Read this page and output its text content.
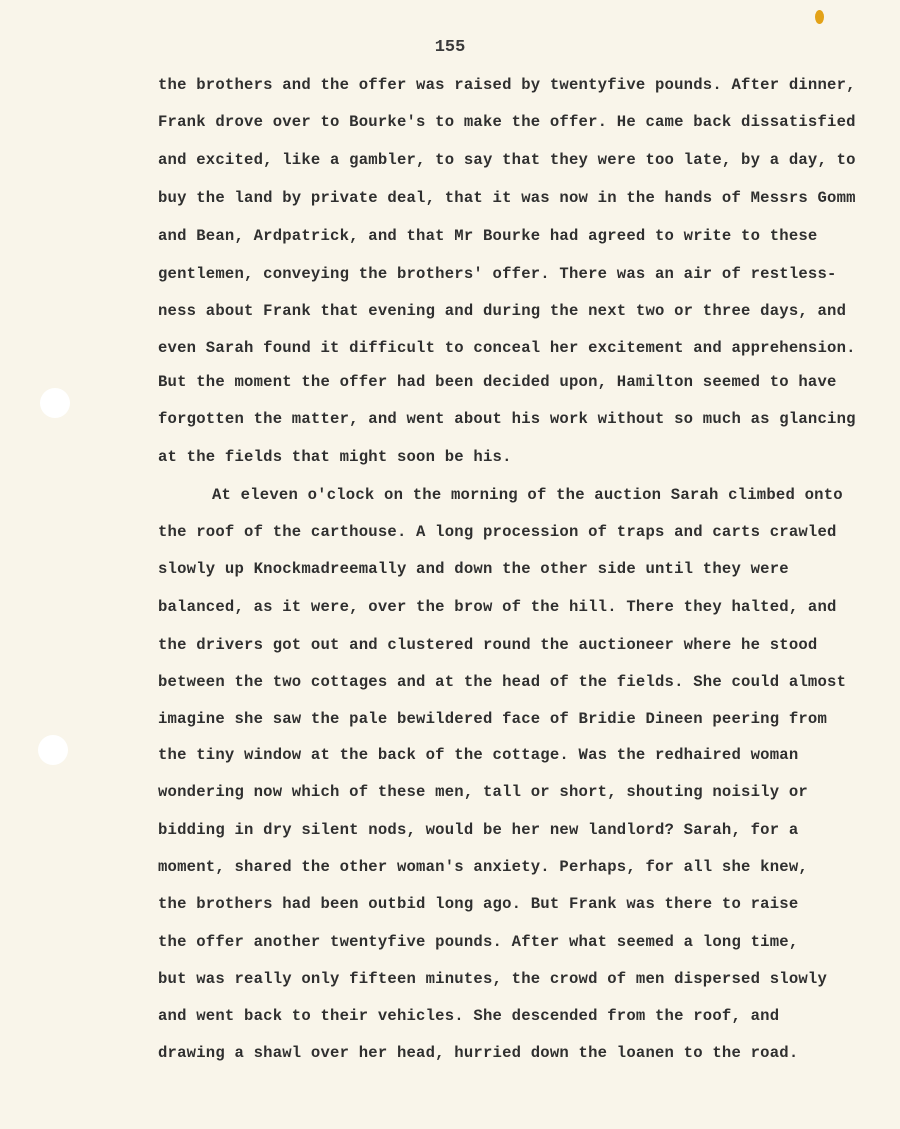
155
the brothers and the offer was raised by twentyfive pounds. After dinner,
Frank drove over to Bourke's to make the offer. He came back dissatisfied
and excited, like a gambler, to say that they were too late, by a day, to
buy the land by private deal, that it was now in the hands of Messrs Gomm
and Bean, Ardpatrick, and that Mr Bourke had agreed to write to these
gentlemen, conveying the brothers' offer. There was an air of restless-
ness about Frank that evening and during the next two or three days, and
even Sarah found it difficult to conceal her excitement and apprehension.
But the moment the offer had been decided upon, Hamilton seemed to have
forgotten the matter, and went about his work without so much as glancing
at the fields that might soon be his.
At eleven o'clock on the morning of the auction Sarah climbed onto
the roof of the carthouse. A long procession of traps and carts crawled
slowly up Knockmadreemally and down the other side until they were
balanced, as it were, over the brow of the hill. There they halted, and
the drivers got out and clustered round the auctioneer where he stood
between the two cottages and at the head of the fields. She could almost
imagine she saw the pale bewildered face of Bridie Dineen peering from
the tiny window at the back of the cottage. Was the redhaired woman
wondering now which of these men, tall or short, shouting noisily or
bidding in dry silent nods, would be her new landlord? Sarah, for a
moment, shared the other woman's anxiety. Perhaps, for all she knew,
the brothers had been outbid long ago. But Frank was there to raise
the offer another twentyfive pounds. After what seemed a long time,
but was really only fifteen minutes, the crowd of men dispersed slowly
and went back to their vehicles. She descended from the roof, and
drawing a shawl over her head, hurried down the loanen to the road.
